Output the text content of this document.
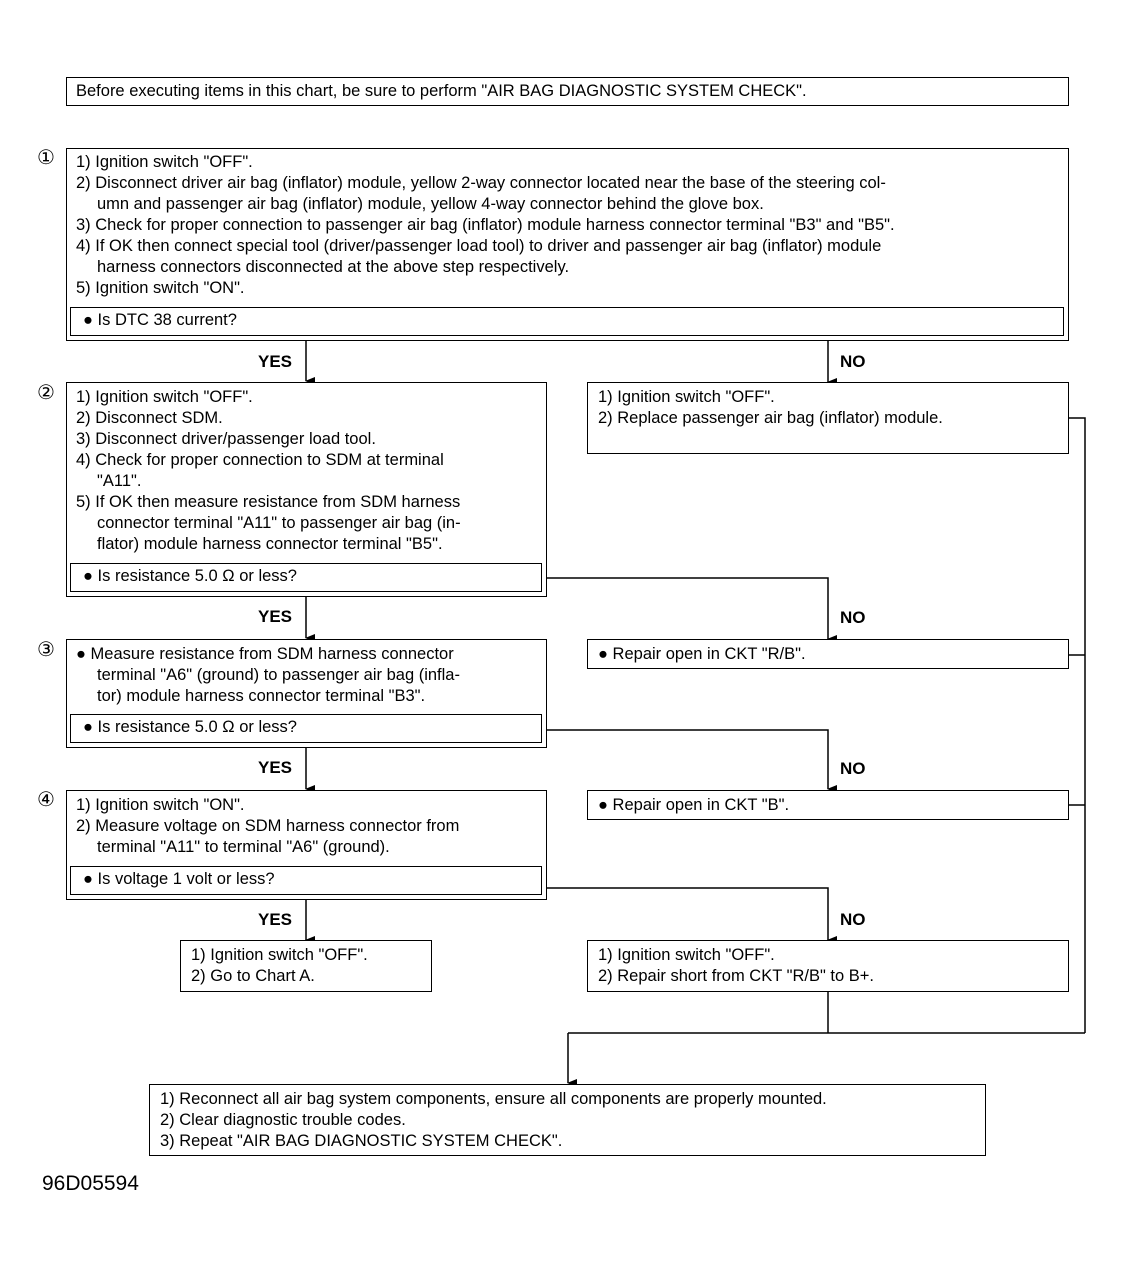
Before executing items in this chart, be sure to perform "AIR BAG DIAGNOSTIC SYSTEM CHECK".
① 1) Ignition switch "OFF".
2) Disconnect driver air bag (inflator) module, yellow 2-way connector located near the base of the steering col-
umn and passenger air bag (inflator) module, yellow 4-way connector behind the glove box.
3) Check for proper connection to passenger air bag (inflator) module harness connector terminal "B3" and "B5".
4) If OK then connect special tool (driver/passenger load tool) to driver and passenger air bag (inflator) module
harness connectors disconnected at the above step respectively.
5) Ignition switch "ON".
● Is DTC 38 current?
YES	NO
② 1) Ignition switch "OFF".
2) Disconnect SDM.
3) Disconnect driver/passenger load tool.
4) Check for proper connection to SDM at terminal
"A11".
5) If OK then measure resistance from SDM harness
connector terminal "A11" to passenger air bag (in-
flator) module harness connector terminal "B5".
● Is resistance 5.0 Ω or less?
1) Ignition switch "OFF".
2) Replace passenger air bag (inflator) module.
YES	NO
③ ● Measure resistance from SDM harness connector
terminal "A6" (ground) to passenger air bag (infla-
tor) module harness connector terminal "B3".
● Is resistance 5.0 Ω or less?
● Repair open in CKT "R/B".
YES	NO
④ 1) Ignition switch "ON".
2) Measure voltage on SDM harness connector from
terminal "A11" to terminal "A6" (ground).
● Is voltage 1 volt or less?
● Repair open in CKT "B".
YES	NO
1) Ignition switch "OFF".
2) Go to Chart A.
1) Ignition switch "OFF".
2) Repair short from CKT "R/B" to B+.
1) Reconnect all air bag system components, ensure all components are properly mounted.
2) Clear diagnostic trouble codes.
3) Repeat "AIR BAG DIAGNOSTIC SYSTEM CHECK".
96D05594
